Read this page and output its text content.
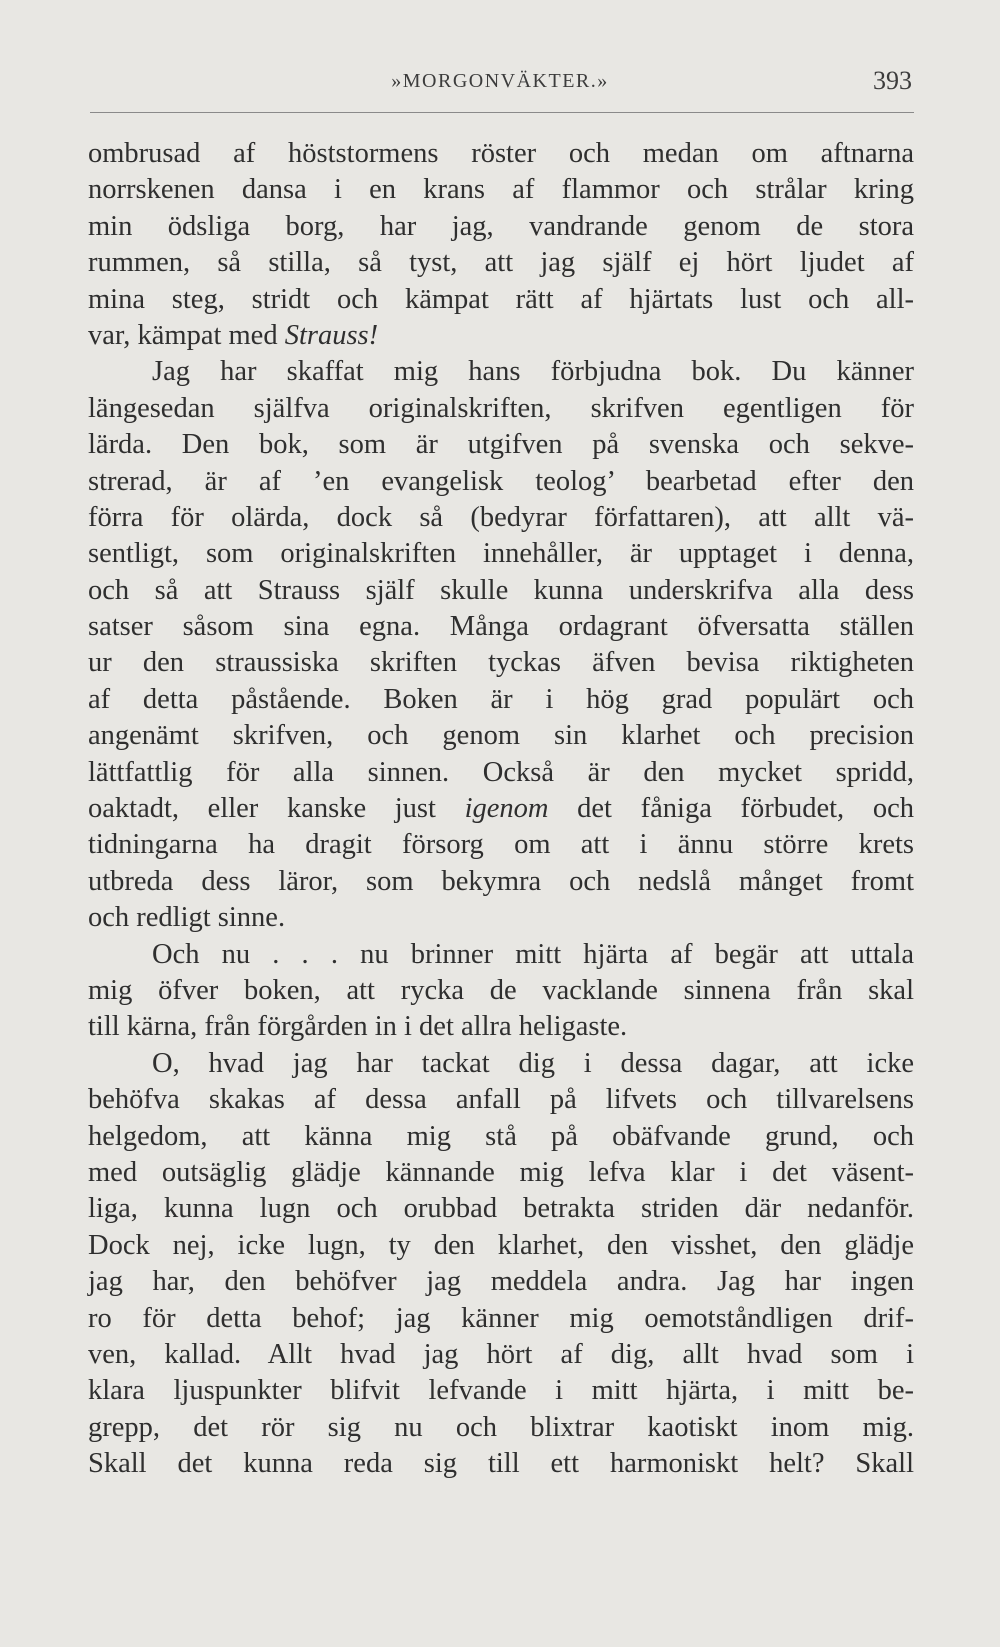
»MORGONVÄKTER.»	393
ombrusad af höststormens röster och medan om aftnarna
norrskenen dansa i en krans af flammor och strålar kring
min ödsliga borg, har jag, vandrande genom de stora
rummen, så stilla, så tyst, att jag själf ej hört ljudet af
mina steg, stridt och kämpat rätt af hjärtats lust och all-
var, kämpat med Strauss!
Jag har skaffat mig hans förbjudna bok. Du känner
längesedan själfva originalskriften, skrifven egentligen för
lärda. Den bok, som är utgifven på svenska och sekve-
strerad, är af ’en evangelisk teolog’ bearbetad efter den
förra för olärda, dock så (bedyrar författaren), att allt vä-
sentligt, som originalskriften innehåller, är upptaget i denna,
och så att Strauss själf skulle kunna underskrifva alla dess
satser såsom sina egna. Många ordagrant öfversatta ställen
ur den straussiska skriften tyckas äfven bevisa riktigheten
af detta påstående. Boken är i hög grad populärt och
angenämt skrifven, och genom sin klarhet och precision
lättfattlig för alla sinnen. Också är den mycket spridd,
oaktadt, eller kanske just igenom det fåniga förbudet, och
tidningarna ha dragit försorg om att i ännu större krets
utbreda dess läror, som bekymra och nedslå månget fromt
och redligt sinne.
Och nu . . . nu brinner mitt hjärta af begär att uttala
mig öfver boken, att rycka de vacklande sinnena från skal
till kärna, från förgården in i det allra heligaste.
O, hvad jag har tackat dig i dessa dagar, att icke
behöfva skakas af dessa anfall på lifvets och tillvarelsens
helgedom, att känna mig stå på obäfvande grund, och
med outsäglig glädje kännande mig lefva klar i det väsent-
liga, kunna lugn och orubbad betrakta striden där nedanför.
Dock nej, icke lugn, ty den klarhet, den visshet, den glädje
jag har, den behöfver jag meddela andra. Jag har ingen
ro för detta behof; jag känner mig oemotståndligen drif-
ven, kallad. Allt hvad jag hört af dig, allt hvad som i
klara ljuspunkter blifvit lefvande i mitt hjärta, i mitt be-
grepp, det rör sig nu och blixtrar kaotiskt inom mig.
Skall det kunna reda sig till ett harmoniskt helt? Skall
